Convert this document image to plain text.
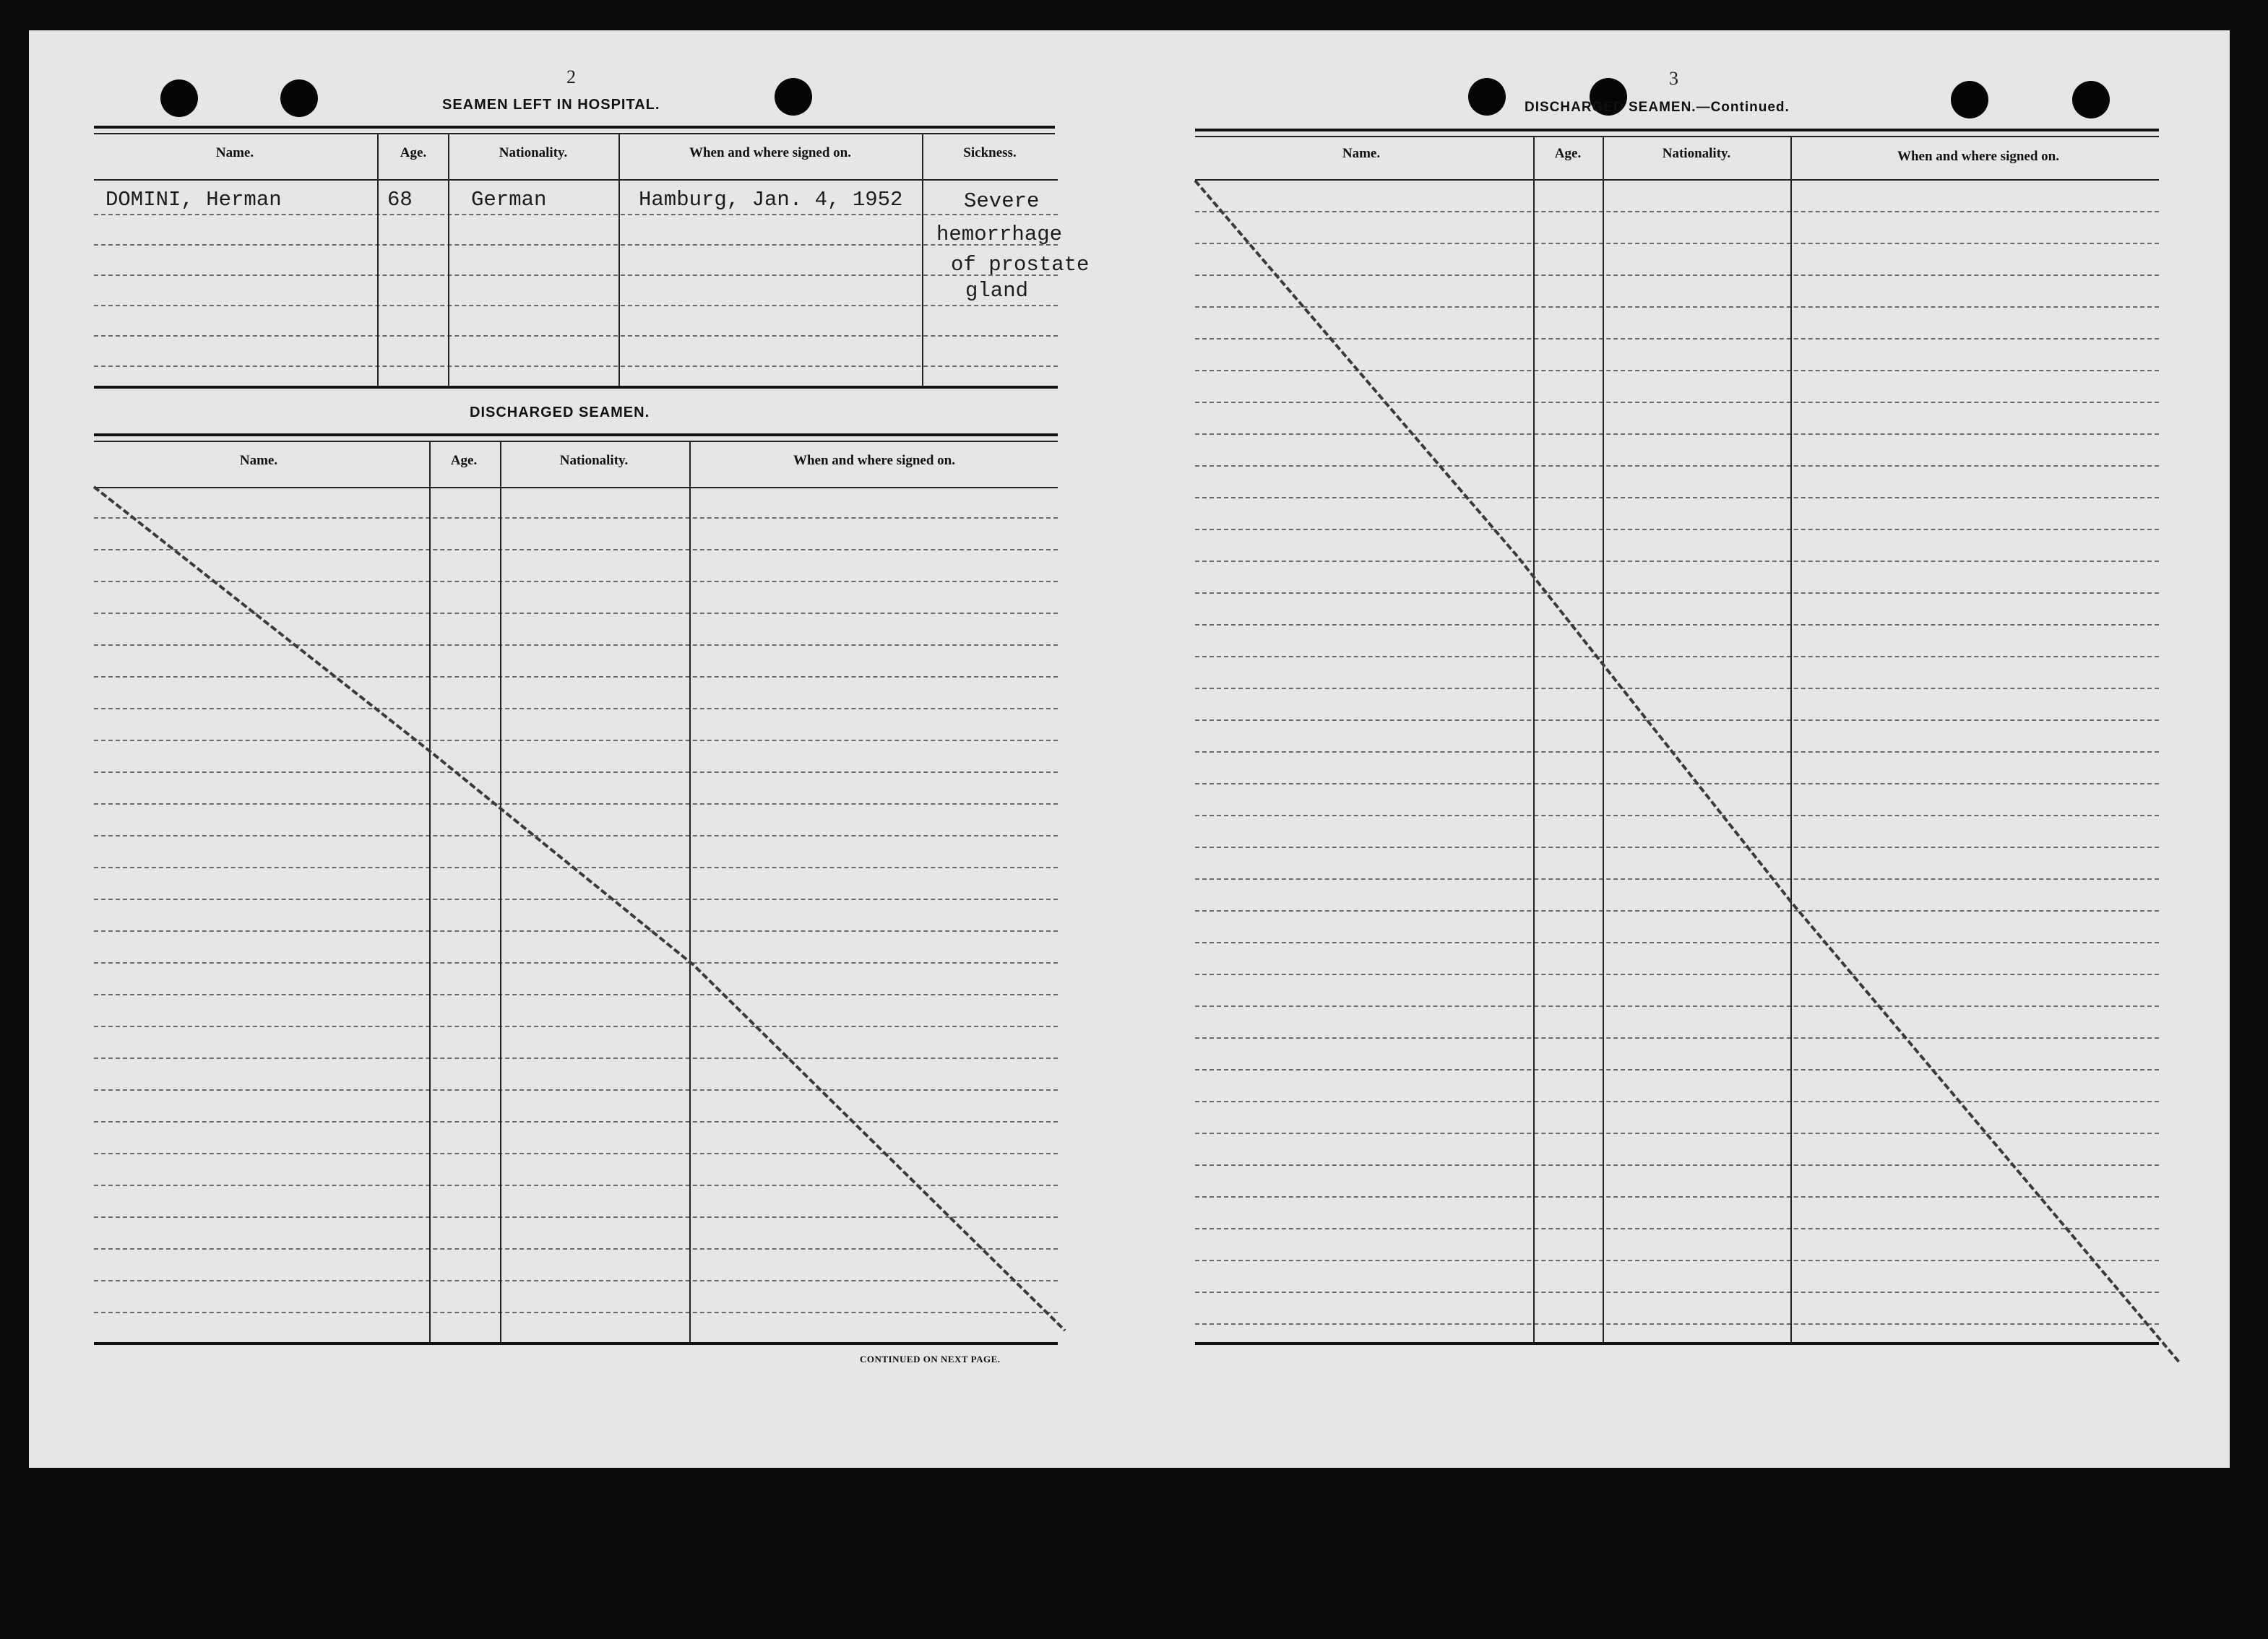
2
SEAMEN LEFT IN HOSPITAL.
Name.	Age.	Nationality.	When and where signed on.	Sickness.
DOMINI, Herman	68	German	Hamburg, Jan. 4, 1952	Severe
hemorrhage
of prostate
gland
DISCHARGED SEAMEN.
Name.	Age.	Nationality.	When and where signed on.
CONTINUED ON NEXT PAGE.
3
DISCHARGED SEAMEN.—Continued.
Name.	Age.	Nationality.	When and where signed on.
